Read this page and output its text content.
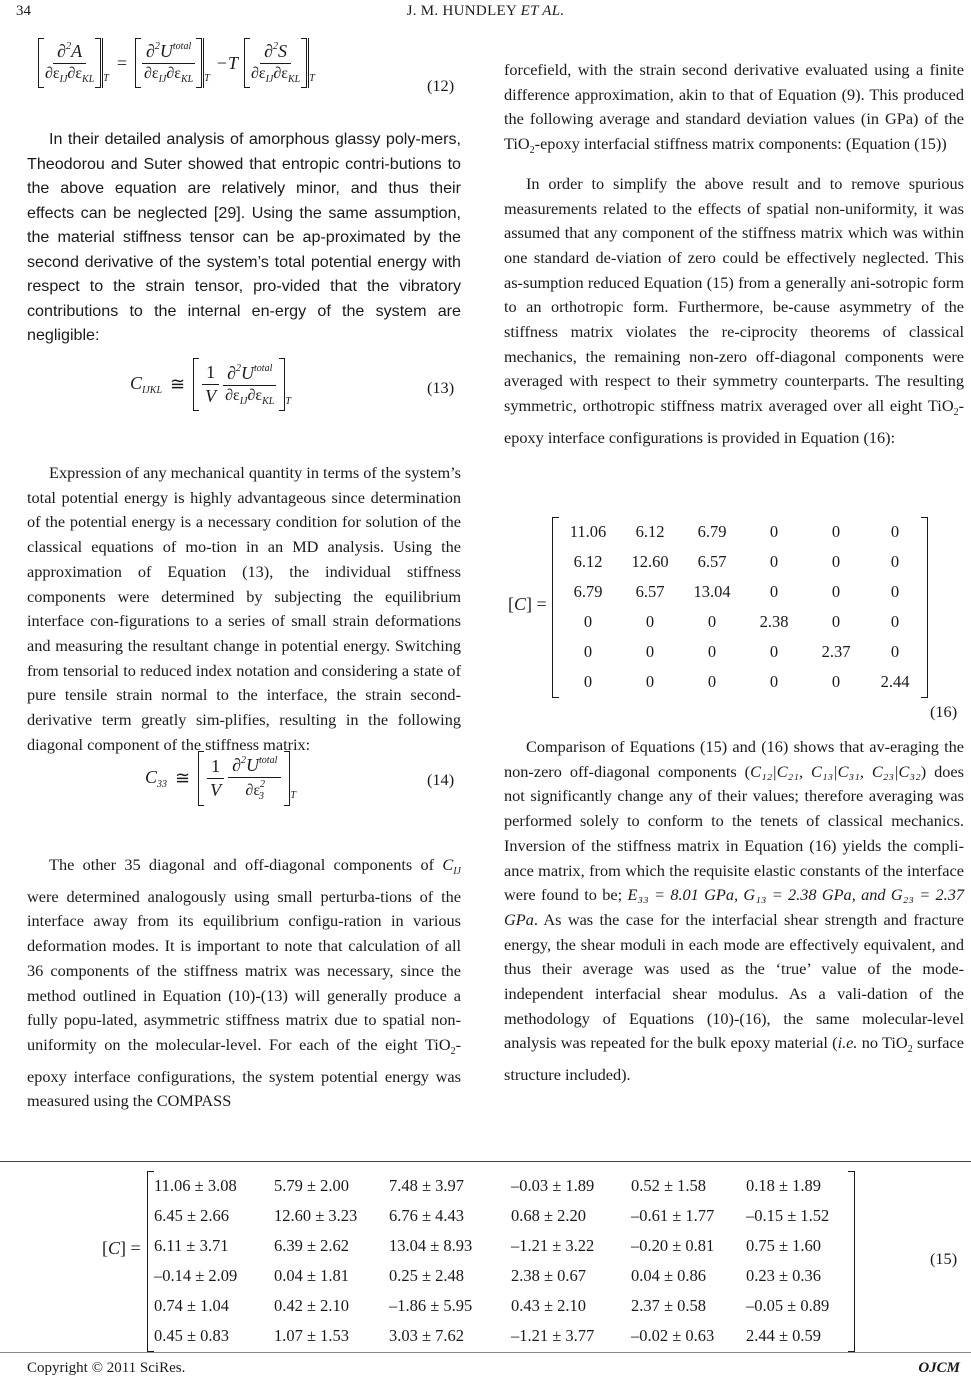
34	J. M. HUNDLEY ET AL.
$\frac{\partial^2A}{\partial\varepsilon_{IJ}\partial\varepsilon_{KL}}$ T
= $\frac{\partial^2U^{total}}{\partial\varepsilon_{IJ}\partial\varepsilon_{KL}}$ T
$-T \frac{\partial^2S}{\partial\varepsilon_{IJ}\partial\varepsilon_{KL}}$ T	(12)

In their detailed analysis of amorphous glassy poly-mers, Theodorou and Suter showed that entropic contri-butions to the above equation are relatively minor, and thus their effects can be neglected [29]. Using the same assumption, the material stiffness tensor can be ap-proximated by the second derivative of the system’s total potential energy with respect to the strain tensor, pro-vided that the vibratory contributions to the internal en-ergy of the system are negligible:

$C_{IJKL}$ ≅ $\frac{1}{V} \frac{\partial^2U^{total}}{\partial\varepsilon_{IJ}\partial\varepsilon_{KL}}$ T
(13)

Expression of any mechanical quantity in terms of the system’s total potential energy is highly advantageous since determination of the potential energy is a necessary condition for solution of the classical equations of mo-tion in an MD analysis. Using the approximation of Equation (13), the individual stiffness components were determined by subjecting the equilibrium interface con-figurations to a series of small strain deformations and measuring the resultant change in potential energy. Switching from tensorial to reduced index notation and considering a state of pure tensile strain normal to the interface, the strain second-derivative term greatly sim-plifies, resulting in the following diagonal component of the stiffness matrix:

$C_{33}$ ≅ $\frac{1}{V} \frac{\partial^2U^{total}}{\partial\varepsilon^2_3}$ T
(14)

The other 35 diagonal and off-diagonal components of $C_{IJ}$ were determined analogously using small perturba-tions of the interface away from its equilibrium configu-ration in various deformation modes. It is important to note that calculation of all 36 components of the stiffness matrix was necessary, since the method outlined in Equation (10)-(13) will generally produce a fully popu-lated, asymmetric stiffness matrix due to spatial non-uniformity on the molecular-level. For each of the eight TiO$_2$-epoxy interface configurations, the system potential energy was measured using the COMPASS

forcefield, with the strain second derivative evaluated using a finite difference approximation, akin to that of Equation (9). This produced the following average and standard deviation values (in GPa) of the TiO$_2$-epoxy interfacial stiffness matrix components: (Equation (15))

In order to simplify the above result and to remove spurious measurements related to the effects of spatial non-uniformity, it was assumed that any component of the stiffness matrix which was within one standard de-viation of zero could be effectively neglected. This as-sumption reduced Equation (15) from a generally ani-sotropic form to an orthotropic form. Furthermore, be-cause asymmetry of the stiffness matrix violates the re-ciprocity theorems of classical mechanics, the remaining non-zero off-diagonal components were averaged with respect to their symmetry counterparts. The resulting symmetric, orthotropic stiffness matrix averaged over all eight TiO$_2$-epoxy interface configurations is provided in Equation (16):

[C] =
11.06	6.12	6.79	0	0	0
6.12	12.60	6.57	0	0	0
6.79	6.57	13.04	0	0	0
0	0	0	2.38	0	0
0	0	0	0	2.37	0
0	0	0	0	0	2.44
(16)

Comparison of Equations (15) and (16) shows that av-eraging the non-zero off-diagonal components (C₁₂|C₂₁, C₁₃|C₃₁, C₂₃|C₃₂) does not significantly change any of their values; therefore averaging was performed solely to conform to the tenets of classical mechanics. Inversion of the stiffness matrix in Equation (16) yields the compli-ance matrix, from which the requisite elastic constants of the interface were found to be; E₃₃ = 8.01 GPa, G₁₃ = 2.38 GPa, and G₂₃ = 2.37 GPa. As was the case for the interfacial shear strength and fracture energy, the shear moduli in each mode are effectively equivalent, and thus their average was used as the ‘true’ value of the mode-independent interfacial shear modulus. As a vali-dation of the methodology of Equations (10)-(16), the same molecular-level analysis was repeated for the bulk epoxy material (i.e. no TiO$_2$ surface structure included).

[C] =
11.06 ± 3.08	5.79 ± 2.00	7.48 ± 3.97	–0.03 ± 1.89	0.52 ± 1.58	0.18 ± 1.89
6.45 ± 2.66	12.60 ± 3.23	6.76 ± 4.43	0.68 ± 2.20	–0.61 ± 1.77	–0.15 ± 1.52
6.11 ± 3.71	6.39 ± 2.62	13.04 ± 8.93	–1.21 ± 3.22	–0.20 ± 0.81	0.75 ± 1.60
–0.14 ± 2.09	0.04 ± 1.81	0.25 ± 2.48	2.38 ± 0.67	0.04 ± 0.86	0.23 ± 0.36
0.74 ± 1.04	0.42 ± 2.10	–1.86 ± 5.95	0.43 ± 2.10	2.37 ± 0.58	–0.05 ± 0.89
0.45 ± 0.83	1.07 ± 1.53	3.03 ± 7.62	–1.21 ± 3.77	–0.02 ± 0.63	2.44 ± 0.59
(15)
Copyright © 2011 SciRes.	OJCM
